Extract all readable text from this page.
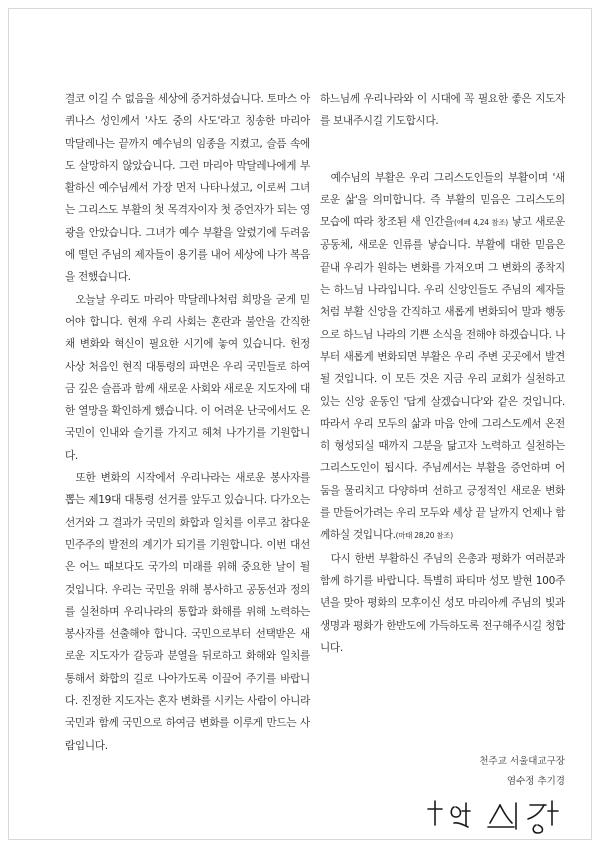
결코 이길 수 없음을 세상에 증거하셨습니다. 토마스 아퀴나스 성인께서 '사도 중의 사도'라고 칭송한 마리아 막달레나는 끝까지 예수님의 임종을 지켰고, 슬픔 속에도 살망하지 않았습니다. 그런 마리아 막달레나에게 부활하신 예수님께서 가장 먼저 나타나셨고, 이로써 그녀는 그리스도 부활의 첫 목격자이자 첫 증언자가 되는 영광을 안았습니다. 그녀가 예수 부활을 알렸기에 두려움에 떨던 주님의 제자들이 용기를 내어 세상에 나가 복음을 전했습니다.

오늘날 우리도 마리아 막달레나처럼 희망을 굳게 믿어야 합니다. 현재 우리 사회는 혼란과 불안을 간직한 채 변화와 혁신이 필요한 시기에 놓여 있습니다. 헌정 사상 처음인 현직 대통령의 파면은 우리 국민들로 하여금 깊은 슬픔과 함께 새로운 사회와 새로운 지도자에 대한 열망을 확인하게 했습니다. 이 어려운 난국에서도 온 국민이 인내와 슬기를 가지고 헤쳐 나가기를 기원합니다.

또한 변화의 시작에서 우리나라는 새로운 봉사자를 뽑는 제19대 대통령 선거를 앞두고 있습니다. 다가오는 선거와 그 결과가 국민의 화합과 일치를 이루고 참다운 민주주의 발전의 계기가 되기를 기원합니다. 이번 대선은 어느 때보다도 국가의 미래를 위해 중요한 날이 될 것입니다. 우리는 국민을 위해 봉사하고 공동선과 정의를 실천하며 우리나라의 통합과 화해를 위해 노력하는 봉사자를 선출해야 합니다. 국민으로부터 선택받은 새로운 지도자가 갈등과 분열을 뒤로하고 화해와 일치를 통해서 화합의 길로 나아가도록 이끌어 주기를 바랍니다. 진정한 지도자는 혼자 변화를 시키는 사람이 아니라 국민과 함께 국민으로 하여금 변화를 이루게 만드는 사람입니다.

하느님께 우리나라와 이 시대에 꼭 필요한 좋은 지도자를 보내주시길 기도합시다.

예수님의 부활은 우리 그리스도인들의 부활이며 '새로운 삶'을 의미합니다. 즉 부활의 믿음은 그리스도의 모습에 따라 창조된 새 인간을(에페 4,24 참조) 낳고 새로운 공동체, 새로운 인류를 낳습니다. 부활에 대한 믿음은 끝내 우리가 원하는 변화를 가져오며 그 변화의 종착지는 하느님 나라입니다. 우리 신앙인들도 주님의 제자들처럼 부활 신앙을 간직하고 새롭게 변화되어 말과 행동으로 하느님 나라의 기쁜 소식을 전해야 하겠습니다. 나부터 새롭게 변화되면 부활은 우리 주변 곳곳에서 발견될 것입니다. 이 모든 것은 지금 우리 교회가 실천하고 있는 신앙 운동인 '답게 살겠습니다'와 같은 것입니다. 따라서 우리 모두의 삶과 마음 안에 그리스도께서 온전히 형성되실 때까지 그분을 닮고자 노력하고 실천하는 그리스도인이 됩시다. 주님께서는 부활을 증언하며 어둠을 물리치고 다양하며 선하고 긍정적인 새로운 변화를 만들어가려는 우리 모두와 세상 끝 날까지 언제나 함께하실 것입니다.(마태 28,20 참조)

다시 한번 부활하신 주님의 은총과 평화가 여러분과 함께 하기를 바랍니다. 특별히 파티마 성모 발현 100주년을 맞아 평화의 모후이신 성모 마리아께 주님의 빛과 생명과 평화가 한반도에 가득하도록 전구해주시길 청합니다.

천주교 서울대교구장
염수정 추기경
